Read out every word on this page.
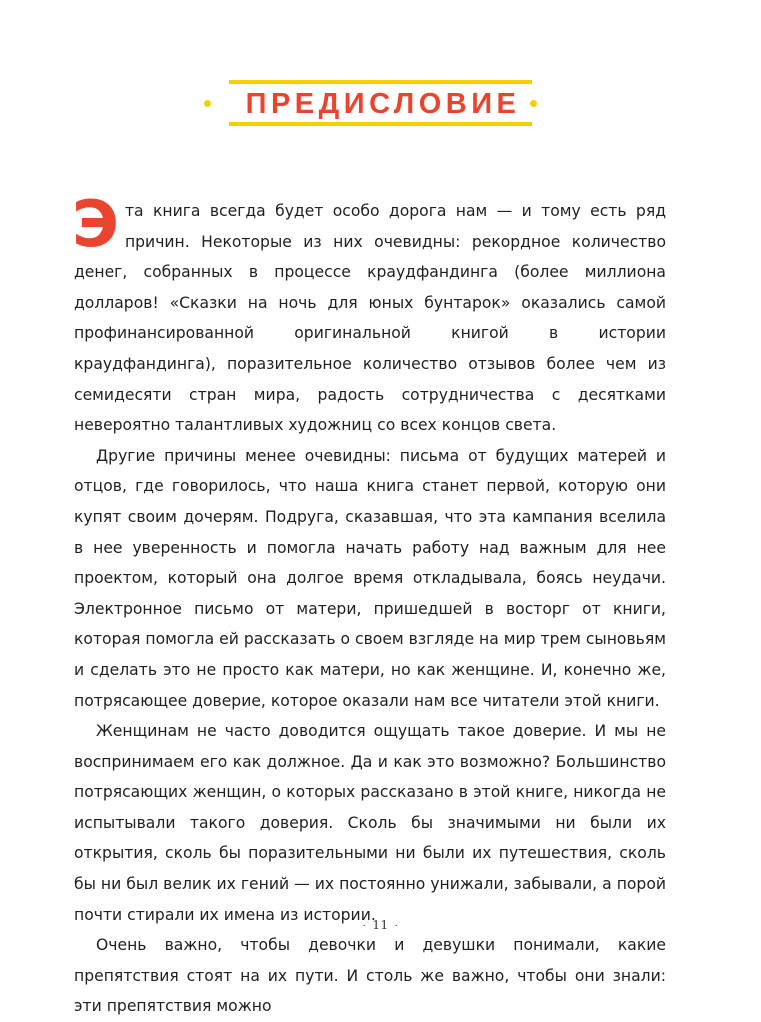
ПРЕДИСЛОВИЕ

Эта книга всегда будет особо дорога нам — и тому есть ряд причин. Некоторые из них очевидны: рекордное количество денег, собранных в процессе краудфандинга (более миллиона долларов! «Сказки на ночь для юных бунтарок» оказались самой профинансированной оригинальной книгой в истории краудфандинга), поразительное количество отзывов более чем из семидесяти стран мира, радость сотрудничества с десятками невероятно талантливых художниц со всех концов света.

Другие причины менее очевидны: письма от будущих матерей и отцов, где говорилось, что наша книга станет первой, которую они купят своим дочерям. Подруга, сказавшая, что эта кампания вселила в нее уверенность и помогла начать работу над важным для нее проектом, который она долгое время откладывала, боясь неудачи. Электронное письмо от матери, пришедшей в восторг от книги, которая помогла ей рассказать о своем взгляде на мир трем сыновьям и сделать это не просто как матери, но как женщине. И, конечно же, потрясающее доверие, которое оказали нам все читатели этой книги.

Женщинам не часто доводится ощущать такое доверие. И мы не воспринимаем его как должное. Да и как это возможно? Большинство потрясающих женщин, о которых рассказано в этой книге, никогда не испытывали такого доверия. Сколь бы значимыми ни были их открытия, сколь бы поразительными ни были их путешествия, сколь бы ни был велик их гений — их постоянно унижали, забывали, а порой почти стирали их имена из истории.

Очень важно, чтобы девочки и девушки понимали, какие препятствия стоят на их пути. И столь же важно, чтобы они знали: эти препятствия можно

· 11 ·
